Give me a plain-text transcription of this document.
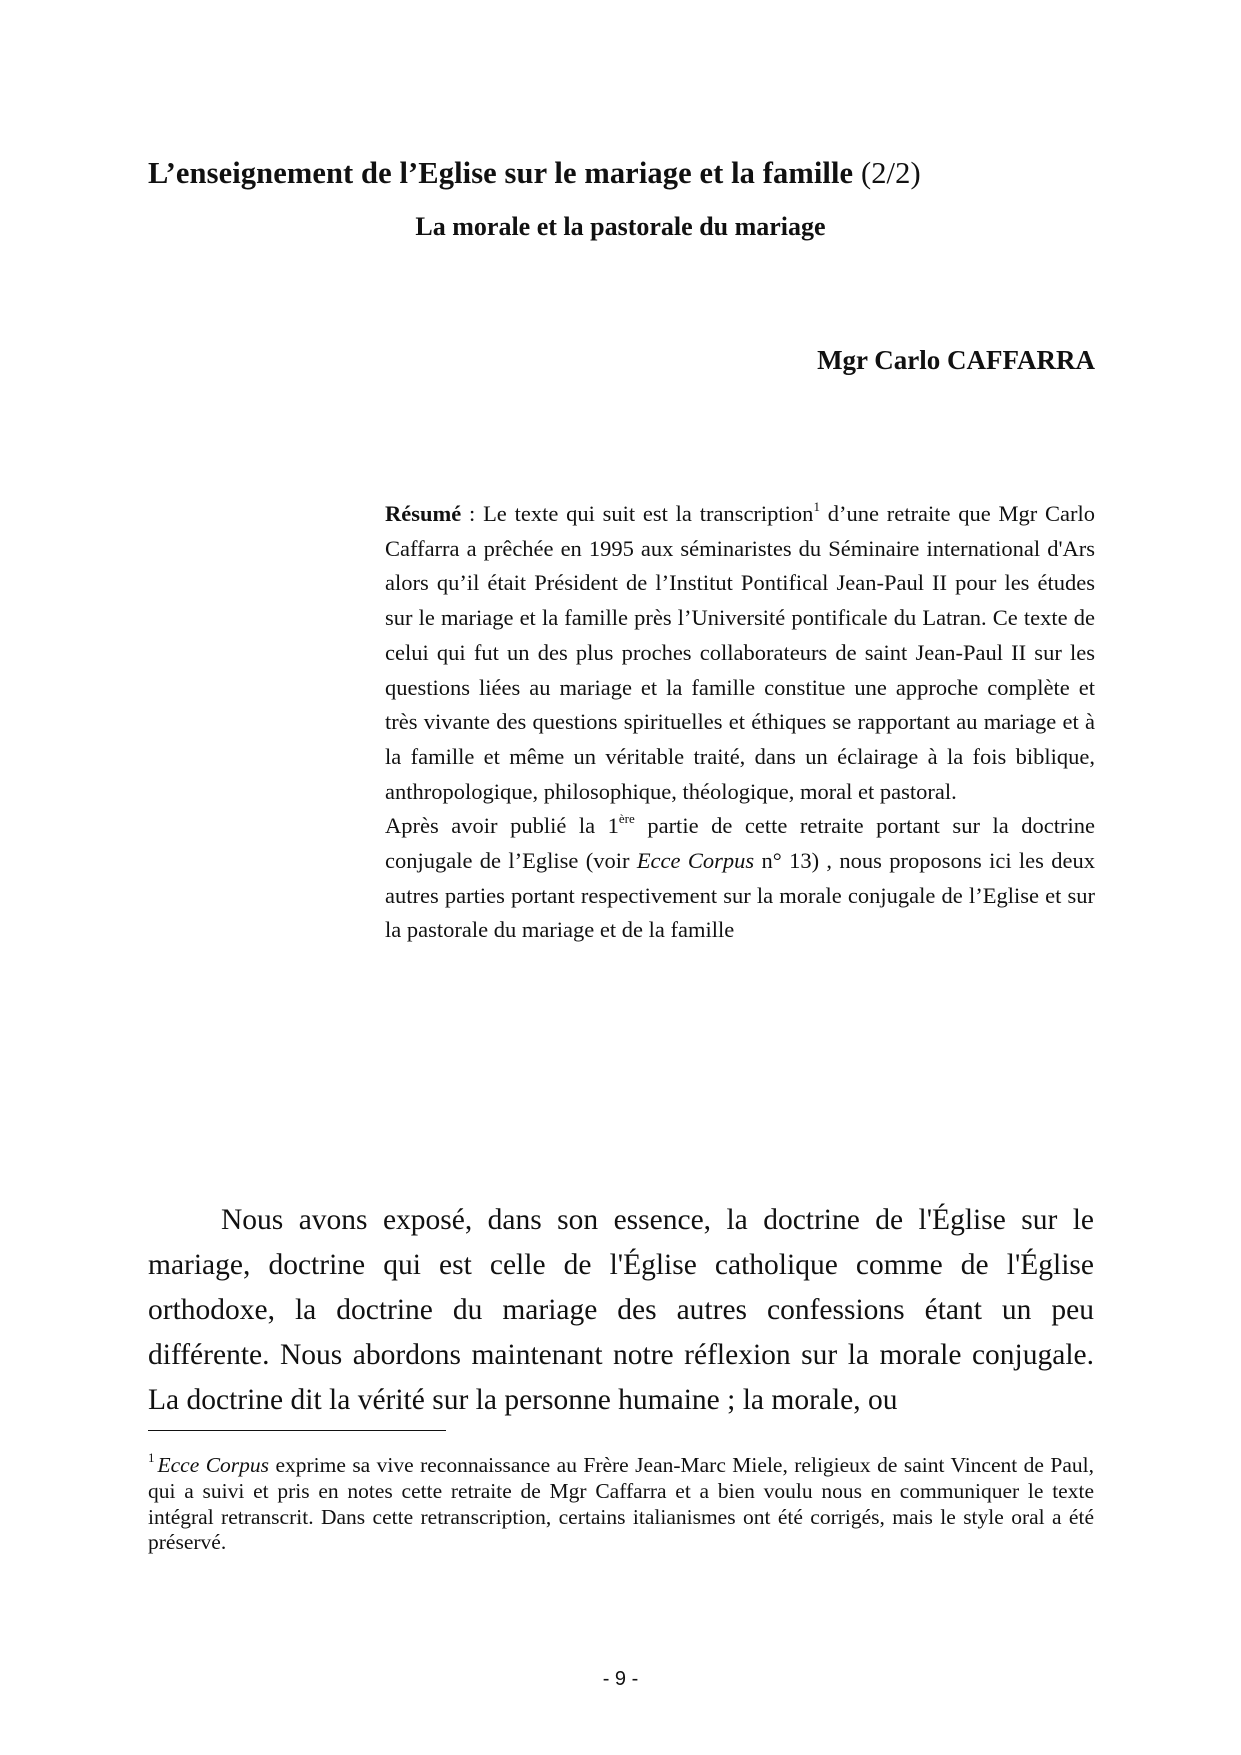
L’enseignement de l’Eglise sur le mariage et la famille (2/2)
La morale et la pastorale du mariage
Mgr Carlo CAFFARRA

Résumé : Le texte qui suit est la transcription$^1$ d’une retraite que Mgr Carlo Caffarra a prêchée en 1995 aux séminaristes du Séminaire international d'Ars alors qu’il était Président de l’Institut Pontifical Jean-Paul II pour les études sur le mariage et la famille près l’Université pontificale du Latran. Ce texte de celui qui fut un des plus proches collaborateurs de saint Jean-Paul II sur les questions liées au mariage et la famille constitue une approche complète et très vivante des questions spirituelles et éthiques se rapportant au mariage et à la famille et même un véritable traité, dans un éclairage à la fois biblique, anthropologique, philosophique, théologique, moral et pastoral.

Après avoir publié la 1ère partie de cette retraite portant sur la doctrine conjugale de l’Eglise (voir Ecce Corpus n° 13) , nous proposons ici les deux autres parties portant respectivement sur la morale conjugale de l’Eglise et sur la pastorale du mariage et de la famille

Nous avons exposé, dans son essence, la doctrine de l'Église sur le mariage, doctrine qui est celle de l'Église catholique comme de l'Église orthodoxe, la doctrine du mariage des autres confessions étant un peu différente. Nous abordons maintenant notre réflexion sur la morale conjugale. La doctrine dit la vérité sur la personne humaine ; la morale, ou

$^1$ Ecce Corpus exprime sa vive reconnaissance au Frère Jean-Marc Miele, religieux de saint Vincent de Paul, qui a suivi et pris en notes cette retraite de Mgr Caffarra et a bien voulu nous en communiquer le texte intégral retranscrit. Dans cette retranscription, certains italianismes ont été corrigés, mais le style oral a été préservé.

- 9 -
